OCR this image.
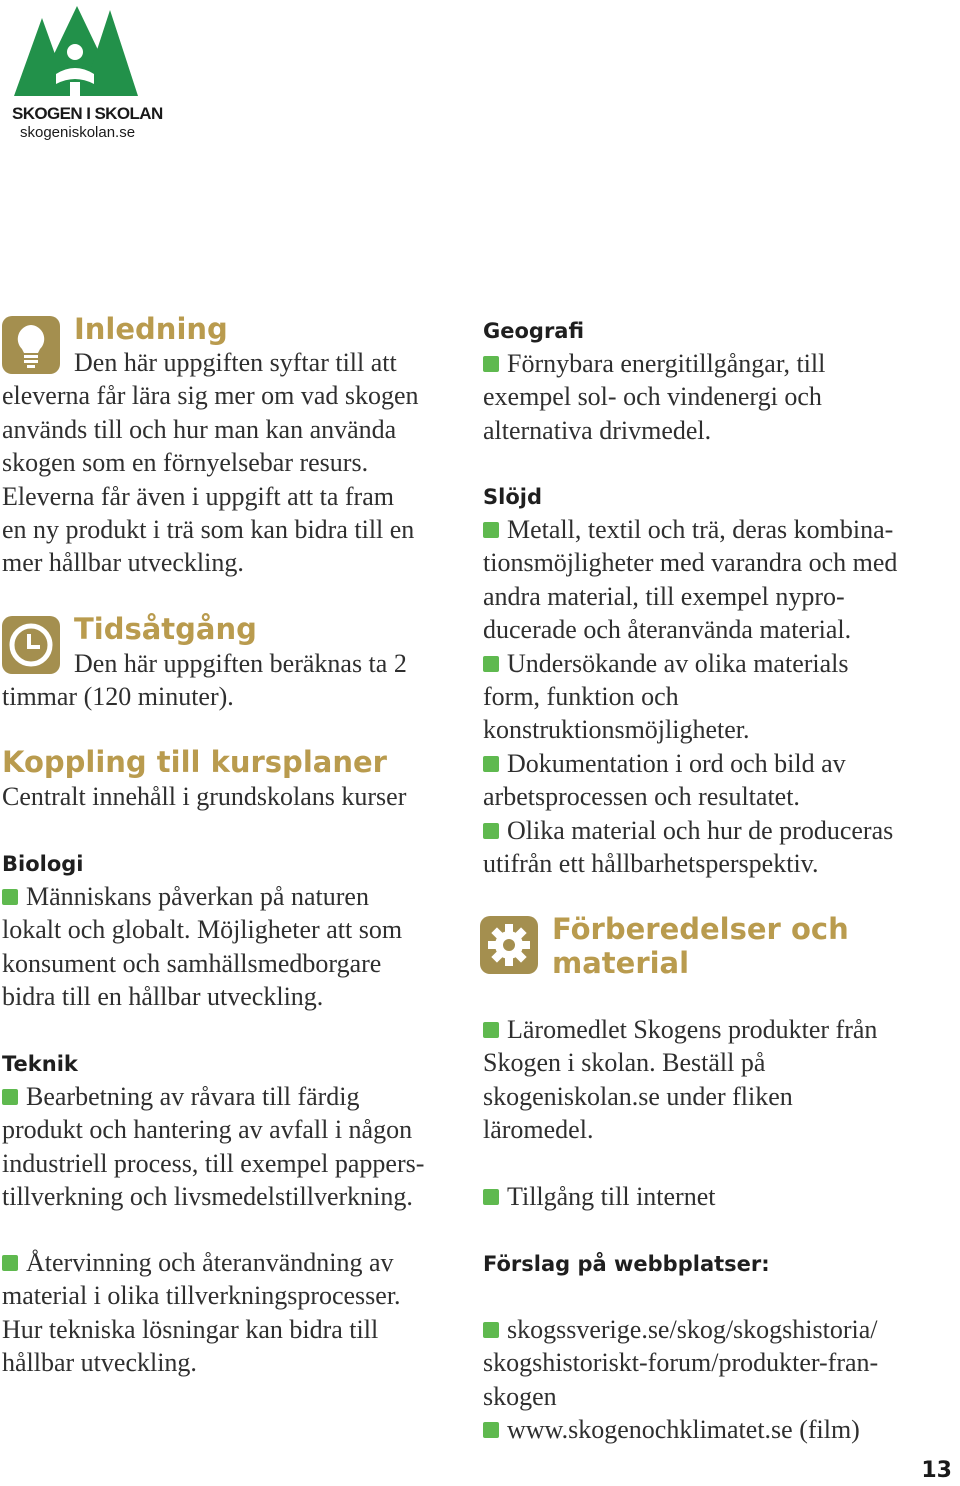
SKOGEN I SKOLAN
skogeniskolan.se
Inledning

Den här uppgiften syftar till att
eleverna får lära sig mer om vad skogen
används till och hur man kan använda
skogen som en förnyelsebar resurs.
Eleverna får även i uppgift att ta fram
en ny produkt i trä som kan bidra till en
mer hållbar utveckling.

Tidsåtgång

Den här uppgiften beräknas ta 2
timmar (120 minuter).

Koppling till kursplaner

Centralt innehåll i grundskolans kurser

Biologi

Människans påverkan på naturen
lokalt och globalt. Möjligheter att som
konsument och samhällsmedborgare
bidra till en hållbar utveckling.

Teknik

Bearbetning av råvara till färdig
produkt och hantering av avfall i någon
industriell process, till exempel pappers-
tillverkning och livsmedelstillverkning.

Återvinning och återanvändning av
material i olika tillverkningsprocesser.
Hur tekniska lösningar kan bidra till
hållbar utveckling.

Geografi

Förnybara energitillgångar, till
exempel sol- och vindenergi och
alternativa drivmedel.

Slöjd

Metall, textil och trä, deras kombina-
tionsmöjligheter med varandra och med
andra material, till exempel nypro-
ducerade och återanvända material.
Undersökande av olika materials
form, funktion och
konstruktionsmöjligheter.
Dokumentation i ord och bild av
arbetsprocessen och resultatet.
Olika material och hur de produceras
utifrån ett hållbarhetsperspektiv.

Förberedelser och
material

Läromedlet Skogens produkter från
Skogen i skolan. Beställ på
skogeniskolan.se under fliken
läromedel.

Tillgång till internet

Förslag på webbplatser:

skogssverige.se/skog/skogshistoria/
skogshistoriskt-forum/produkter-fran-
skogen
www.skogenochklimatet.se (film)

13
